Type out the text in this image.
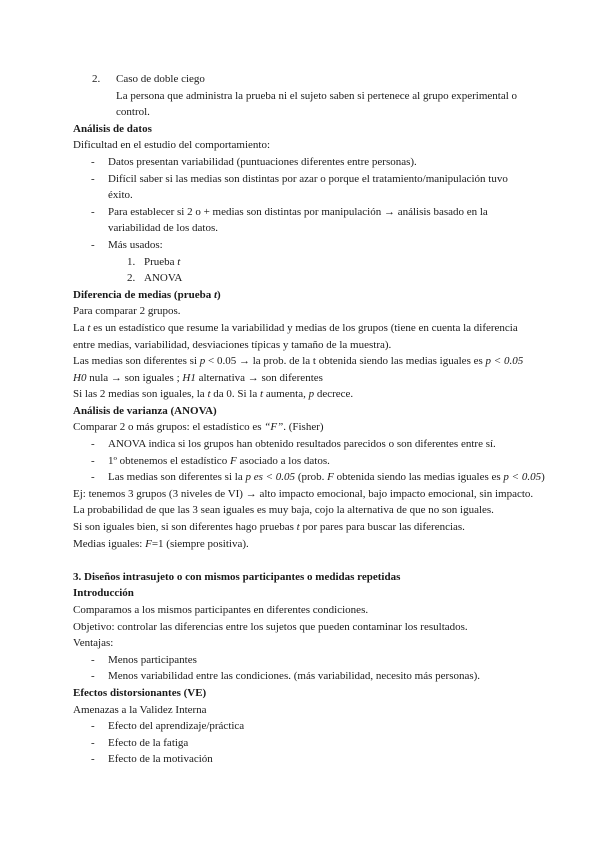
2. Caso de doble ciego
La persona que administra la prueba ni el sujeto saben si pertenece al grupo experimental o
control.
Análisis de datos
Dificultad en el estudio del comportamiento:
- Datos presentan variabilidad (puntuaciones diferentes entre personas).
- Difícil saber si las medias son distintas por azar o porque el tratamiento/manipulación tuvo
éxito.
- Para establecer si 2 o + medias son distintas por manipulación → análisis basado en la
variabilidad de los datos.
- Más usados:
1. Prueba t
2. ANOVA
Diferencia de medias (prueba t)
Para comparar 2 grupos.
La t es un estadístico que resume la variabilidad y medias de los grupos (tiene en cuenta la diferencia
entre medias, variabilidad, desviaciones típicas y tamaño de la muestra).
Las medias son diferentes si p < 0.05 → la prob. de la t obtenida siendo las medias iguales es p < 0.05
H0 nula → son iguales ; H1 alternativa → son diferentes
Si las 2 medias son iguales, la t da 0. Si la t aumenta, p decrece.
Análisis de varianza (ANOVA)
Comparar 2 o más grupos: el estadístico es “F”. (Fisher)
- ANOVA indica si los grupos han obtenido resultados parecidos o son diferentes entre sí.
- 1º obtenemos el estadístico F asociado a los datos.
- Las medias son diferentes si la p es < 0.05 (prob. F obtenida siendo las medias iguales es p < 0.05)
Ej: tenemos 3 grupos (3 niveles de VI) → alto impacto emocional, bajo impacto emocional, sin impacto.
La probabilidad de que las 3 sean iguales es muy baja, cojo la alternativa de que no son iguales.
Si son iguales bien, si son diferentes hago pruebas t por pares para buscar las diferencias.
Medias iguales: F=1 (siempre positiva).
3. Diseños intrasujeto o con mismos participantes o medidas repetidas
Introducción
Comparamos a los mismos participantes en diferentes condiciones.
Objetivo: controlar las diferencias entre los sujetos que pueden contaminar los resultados.
Ventajas:
- Menos participantes
- Menos variabilidad entre las condiciones. (más variabilidad, necesito más personas).
Efectos distorsionantes (VE)
Amenazas a la Validez Interna
- Efecto del aprendizaje/práctica
- Efecto de la fatiga
- Efecto de la motivación
